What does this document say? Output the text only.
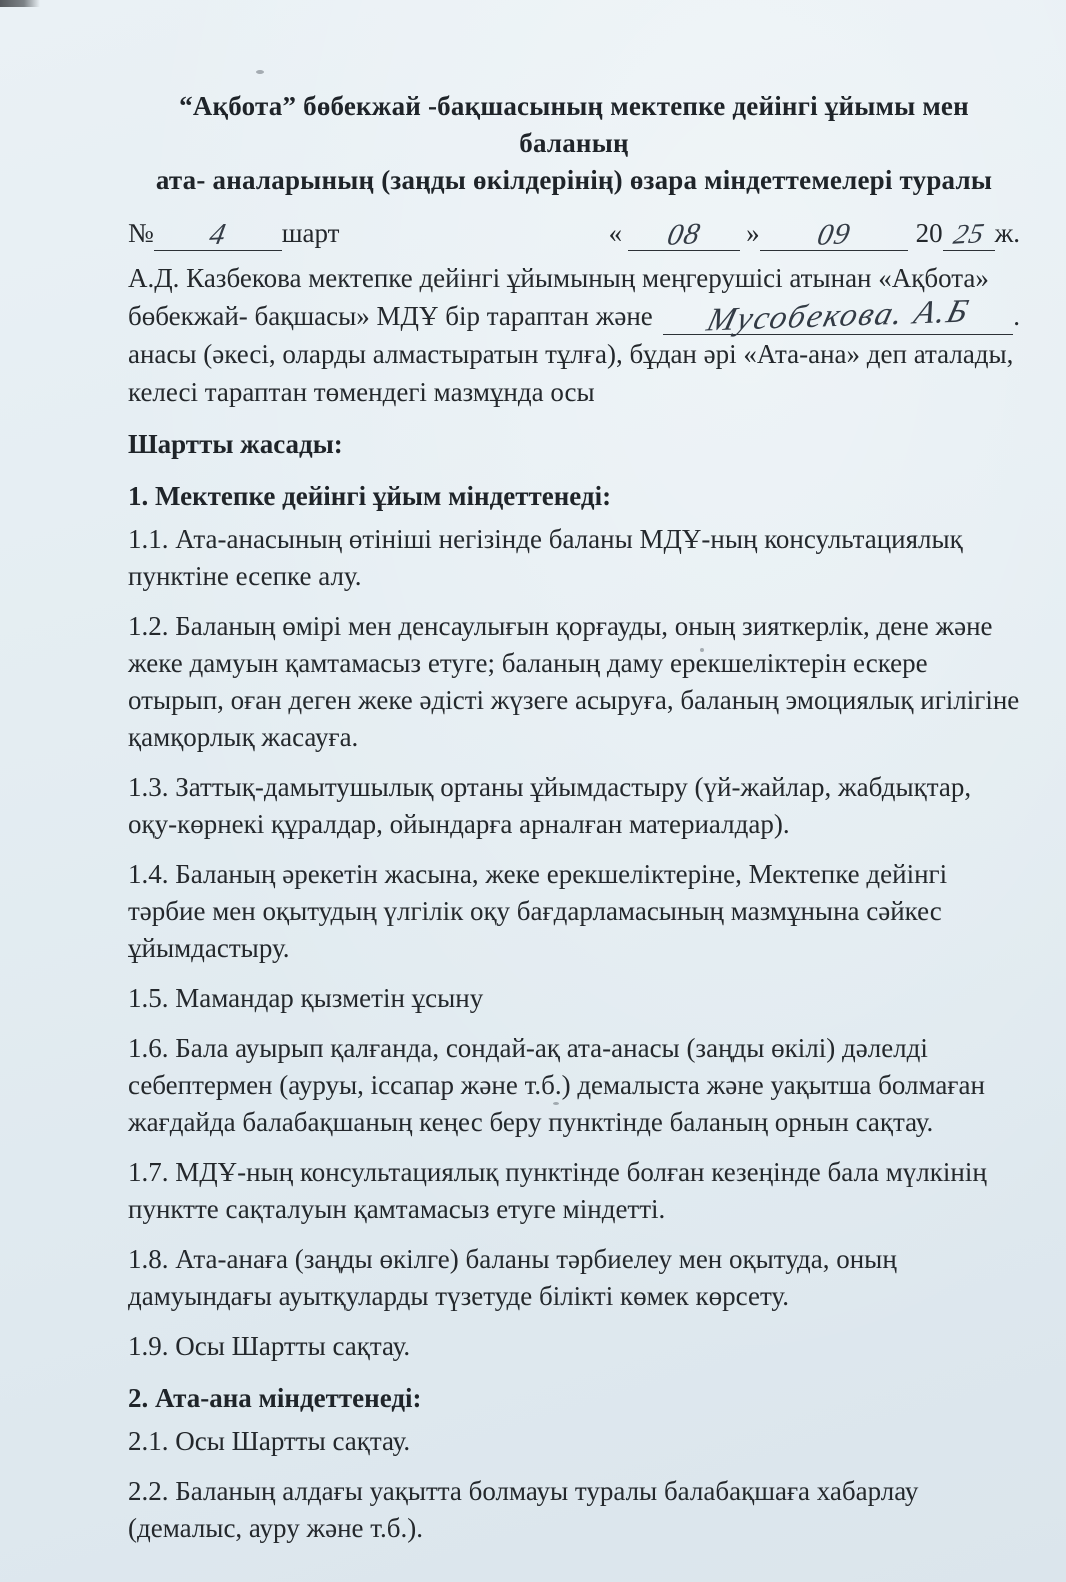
“Ақбота” бөбекжай -бақшасының мектепке дейінгі ұйымы мен баланың
ата- аналарының (заңды өкілдерінің) өзара міндеттемелері туралы
№	4	шарт	«	08	»	09	20 25 ж.
А.Д. Казбекова мектепке дейінгі ұйымының меңгерушісі атынан «Ақбота»
бөбекжай- бақшасы» МДҰ бір тараптан және	Мусобекова. А.Б	.
анасы (әкесі, оларды алмастыратын тұлға), бұдан әрі «Ата-ана» деп аталады,
келесі тараптан төмендегі мазмұнда осы
Шартты жасады:
1. Мектепке дейінгі ұйым міндеттенеді:

1.1. Ата-анасының өтініші негізінде баланы МДҰ-ның консультациялық пунктіне есепке алу.

1.2. Баланың өмірі мен денсаулығын қорғауды, оның зияткерлік, дене және жеке дамуын қамтамасыз етуге; баланың даму ерекшеліктерін ескере отырып, оған деген жеке әдісті жүзеге асыруға, баланың эмоциялық игілігіне қамқорлық жасауға.

1.3. Заттық-дамытушылық ортаны ұйымдастыру (үй-жайлар, жабдықтар, оқу-көрнекі құралдар, ойындарға арналған материалдар).

1.4. Баланың әрекетін жасына, жеке ерекшеліктеріне, Мектепке дейінгі тәрбие мен оқытудың үлгілік оқу бағдарламасының мазмұнына сәйкес ұйымдастыру.

1.5. Мамандар қызметін ұсыну

1.6. Бала ауырып қалғанда, сондай-ақ ата-анасы (заңды өкілі) дәлелді себептермен (ауруы, іссапар және т.б.) демалыста және уақытша болмаған жағдайда балабақшаның кеңес беру пунктінде баланың орнын сақтау.

1.7. МДҰ-ның консультациялық пунктінде болған кезеңінде бала мүлкінің пунктте сақталуын қамтамасыз етуге міндетті.

1.8. Ата-анаға (заңды өкілге) баланы тәрбиелеу мен оқытуда, оның дамуындағы ауытқуларды түзетуде білікті көмек көрсету.

1.9. Осы Шартты сақтау.

2. Ата-ана міндеттенеді:

2.1. Осы Шартты сақтау.

2.2. Баланың алдағы уақытта болмауы туралы балабақшаға хабарлау (демалыс, ауру және т.б.).
